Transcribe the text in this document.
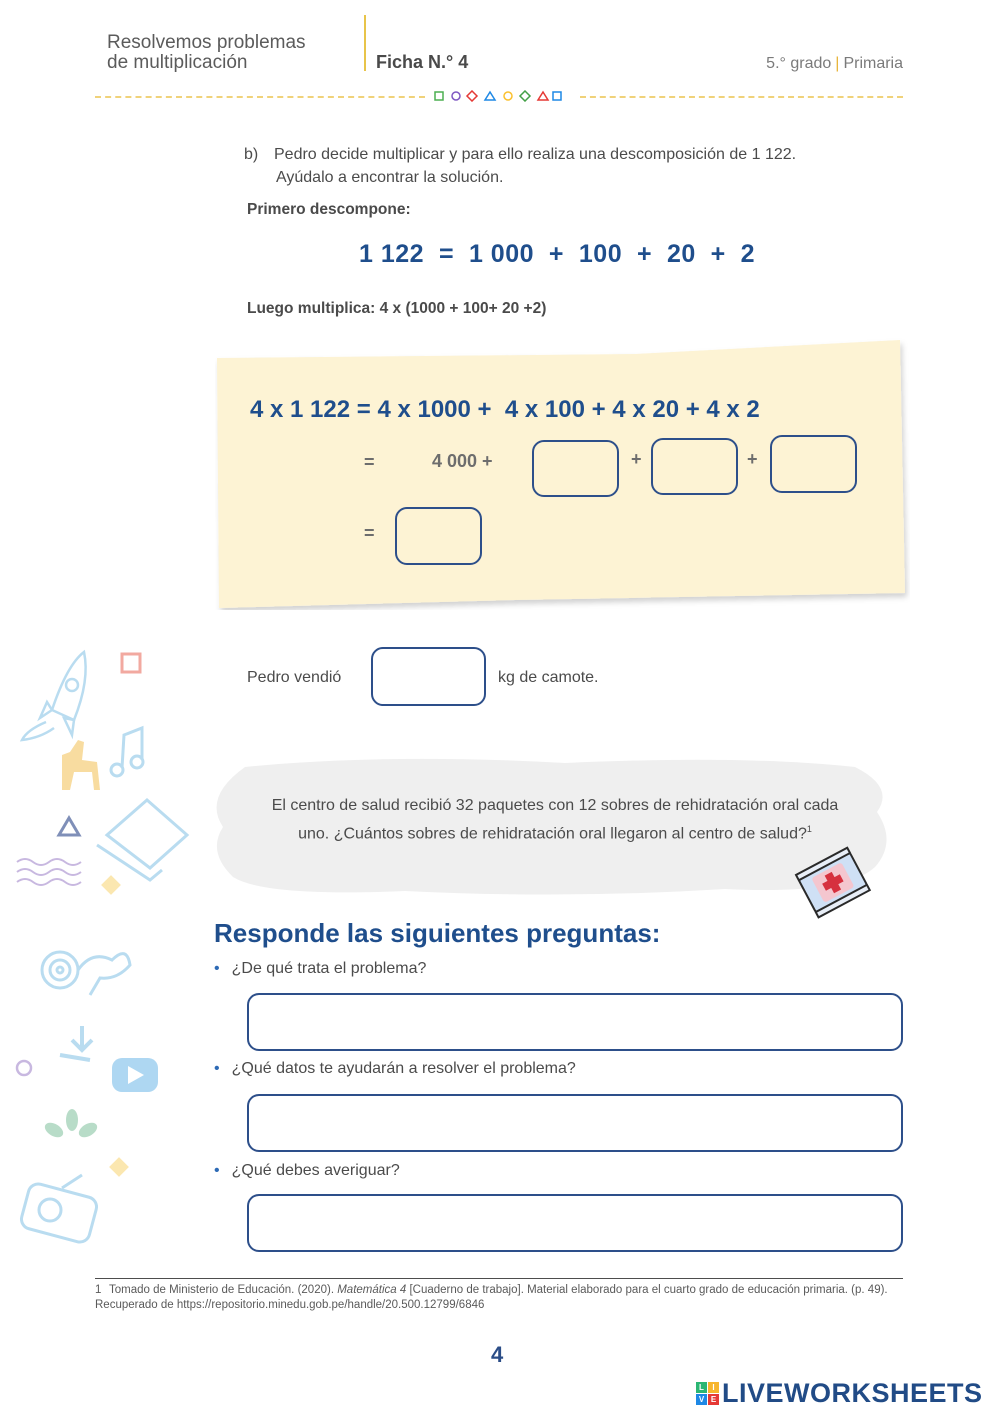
Resolvemos problemas
de multiplicación	Ficha N.° 4	5.° grado | Primaria
b) Pedro decide multiplicar y para ello realiza una descomposición de 1 122.
Ayúdalo a encontrar la solución.
Primero descompone:
1 122  =  1 000  +  100  +  20  +  2
Luego multiplica: 4 x (1000 + 100+ 20 +2)
4 x 1 122 = 4 x 1000 +  4 x 100 + 4 x 20 + 4 x 2
=	4 000 +	+	+
=
Pedro vendió	kg de camote.
El centro de salud recibió 32 paquetes con 12 sobres de rehidratación oral cada uno. ¿Cuántos sobres de rehidratación oral llegaron al centro de salud?$^1$
Responde las siguientes preguntas:
• ¿De qué trata el problema?
• ¿Qué datos te ayudarán a resolver el problema?
• ¿Qué debes averiguar?
1 Tomado de Ministerio de Educación. (2020). Matemática 4 [Cuaderno de trabajo]. Material elaborado para el cuarto grado de educación primaria. (p. 49). Recuperado de https://repositorio.minedu.gob.pe/handle/20.500.12799/6846
4
L	I
V E LIVEWORKSHEETS
